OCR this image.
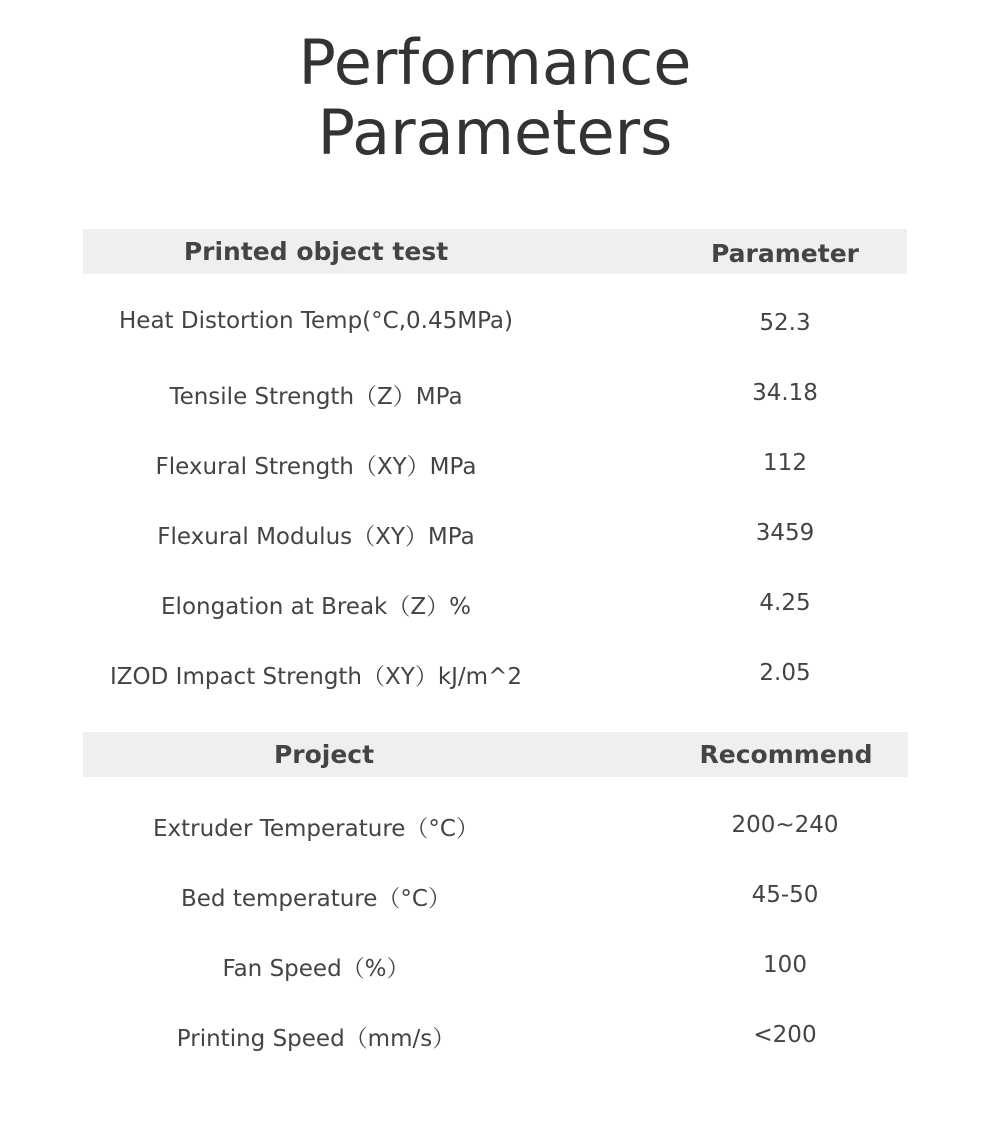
Performance
Parameters
Printed object test	Parameter
Heat Distortion Temp(°C,0.45MPa)	52.3
Tensile Strength（Z）MPa	34.18
Flexural Strength（XY）MPa	112
Flexural Modulus（XY）MPa	3459
Elongation at Break（Z）%	4.25
IZOD Impact Strength（XY）kJ/m^2	2.05
Project	Recommend
Extruder Temperature（°C）	200~240
Bed temperature（°C）	45-50
Fan Speed（%）	100
Printing Speed（mm/s）	<200
